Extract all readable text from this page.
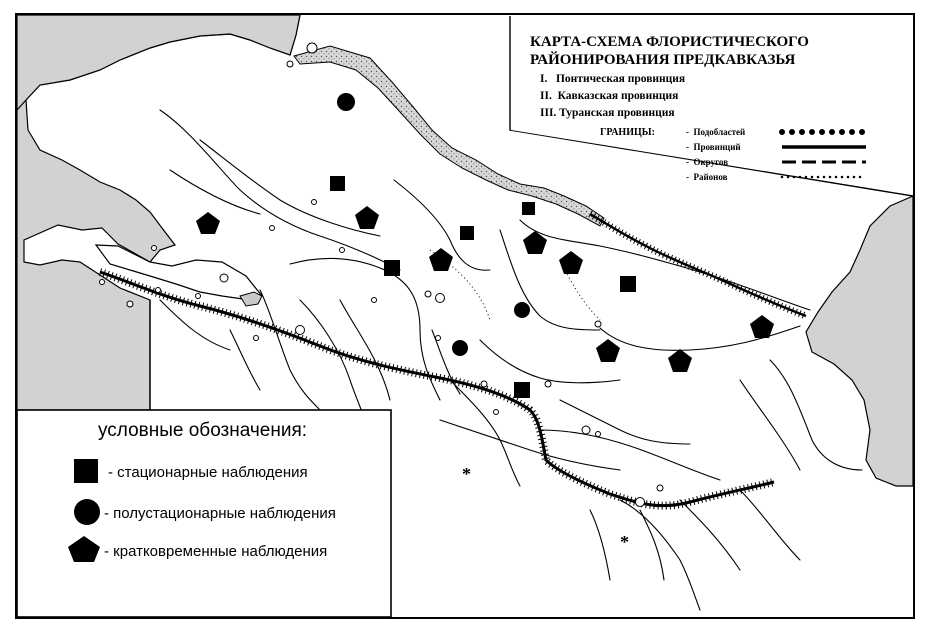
*
*
КАРТА-СХЕМА ФЛОРИСТИЧЕСКОГО
РАЙОНИРОВАНИЯ ПРЕДКАВКАЗЬЯ
I.   Понтическая провинция
II.  Кавказская провинция
III. Туранская провинция
ГРАНИЦЫ:	-  Подобластей
-  Провинций
-  Округов
-  Районов
условные обозначения:
- стационарные наблюдения
- полустационарные наблюдения
- кратковременные наблюдения
